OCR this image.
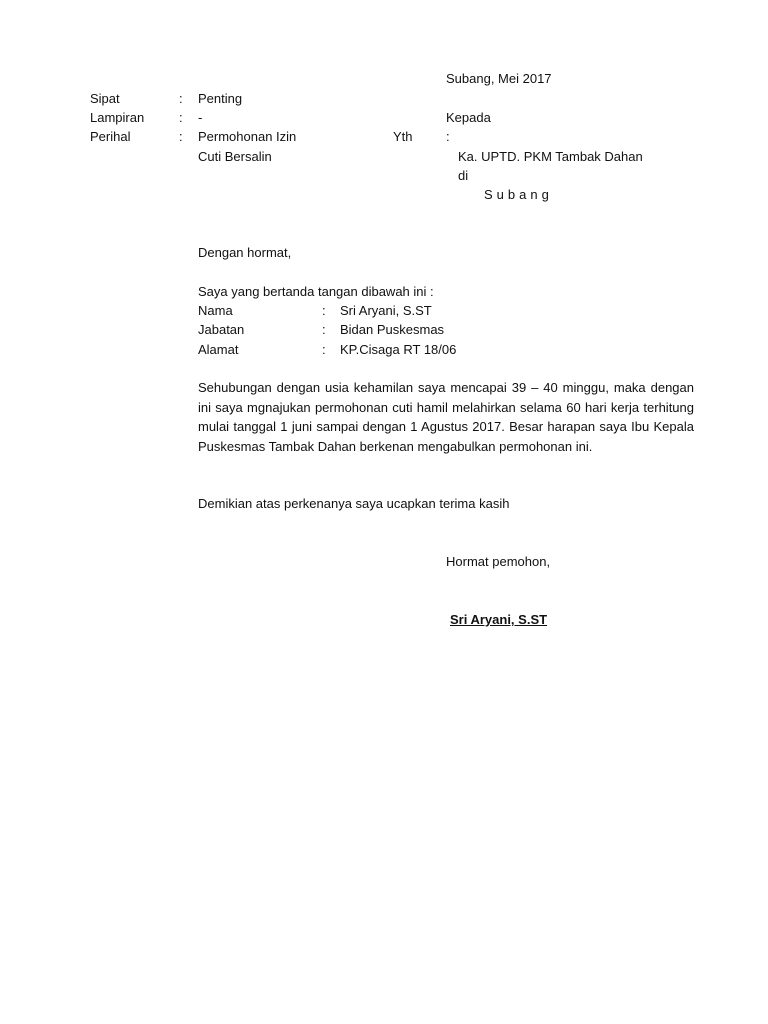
Subang, Mei 2017
Sipat	: Penting
Lampiran	: -	Kepada
Perihal	: Permohonan Izin
Cuti Bersalin
Yth	:
Ka. UPTD. PKM Tambak Dahan
di
Subang
Dengan hormat,
Saya yang bertanda tangan dibawah ini :
Nama	: Sri Aryani, S.ST
Jabatan	: Bidan Puskesmas
Alamat	: KP.Cisaga RT 18/06
Sehubungan dengan usia kehamilan saya mencapai 39 – 40 minggu, maka dengan ini saya mgnajukan permohonan cuti hamil melahirkan selama 60 hari kerja terhitung mulai tanggal 1 juni sampai dengan 1 Agustus 2017. Besar harapan saya Ibu Kepala Puskesmas Tambak Dahan berkenan mengabulkan permohonan ini.
Demikian atas perkenanya saya ucapkan terima kasih
Hormat pemohon,
Sri Aryani, S.ST
